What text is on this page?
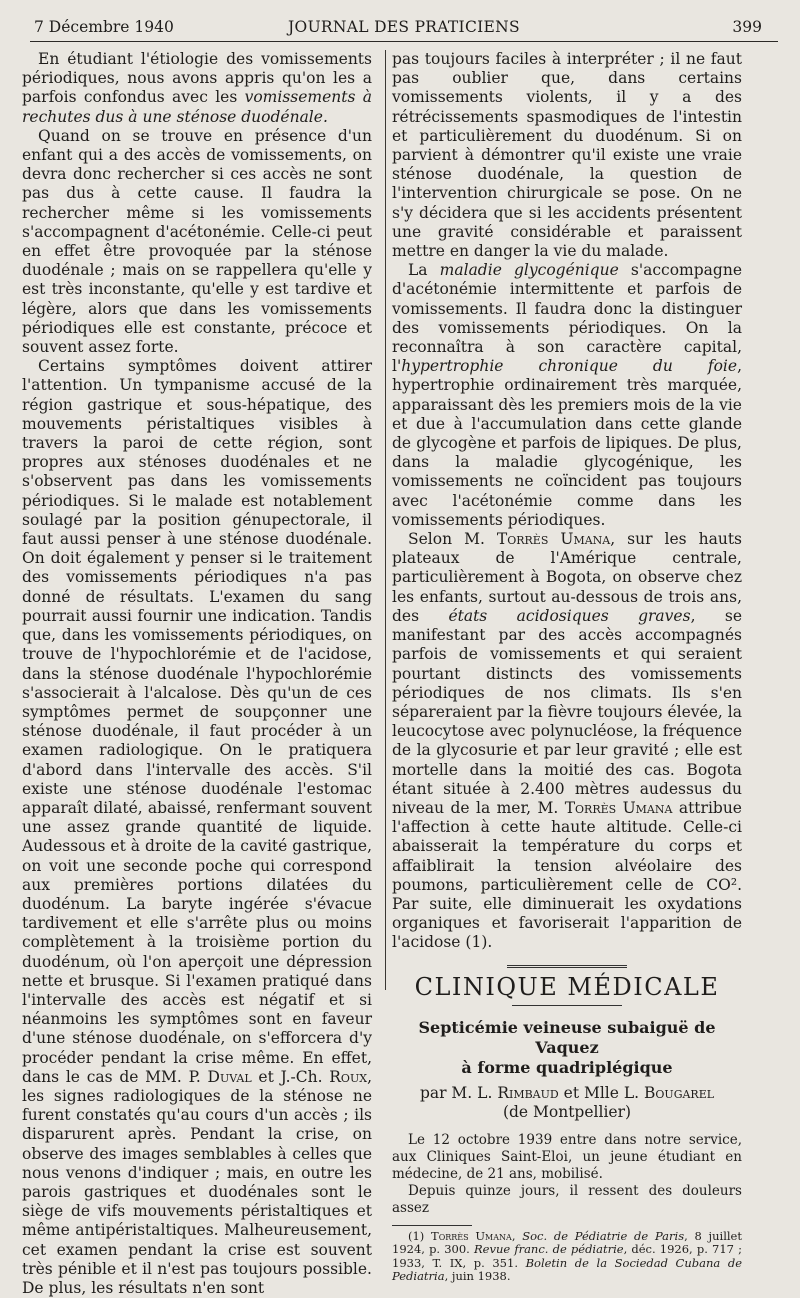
7 Décembre 1940	JOURNAL DES PRATICIENS	399

En étudiant l'étiologie des vomissements périodiques, nous avons appris qu'on les a parfois confondus avec les vomissements à rechutes dus à une sténose duodénale.

Quand on se trouve en présence d'un enfant qui a des accès de vomissements, on devra donc rechercher si ces accès ne sont pas dus à cette cause. Il faudra la rechercher même si les vomissements s'accompagnent d'acétonémie. Celle-ci peut en effet être provoquée par la sténose duodénale ; mais on se rappellera qu'elle y est très inconstante, qu'elle y est tardive et légère, alors que dans les vomissements périodiques elle est constante, précoce et souvent assez forte.

Certains symptômes doivent attirer l'attention. Un tympanisme accusé de la région gastrique et sous-hépatique, des mouvements péristaltiques visibles à travers la paroi de cette région, sont propres aux sténoses duodénales et ne s'observent pas dans les vomissements périodiques. Si le malade est notablement soulagé par la position génupectorale, il faut aussi penser à une sténose duodénale. On doit également y penser si le traitement des vomissements périodiques n'a pas donné de résultats. L'examen du sang pourrait aussi fournir une indication. Tandis que, dans les vomissements périodiques, on trouve de l'hypochlorémie et de l'acidose, dans la sténose duodénale l'hypochlorémie s'associerait à l'alcalose. Dès qu'un de ces symptômes permet de soupçonner une sténose duodénale, il faut procéder à un examen radiologique. On le pratiquera d'abord dans l'intervalle des accès. S'il existe une sténose duodénale l'estomac apparaît dilaté, abaissé, renfermant souvent une assez grande quantité de liquide. Audessous et à droite de la cavité gastrique, on voit une seconde poche qui correspond aux premières portions dilatées du duodénum. La baryte ingérée s'évacue tardivement et elle s'arrête plus ou moins complètement à la troisième portion du duodénum, où l'on aperçoit une dépression nette et brusque. Si l'examen pratiqué dans l'intervalle des accès est négatif et si néanmoins les symptômes sont en faveur d'une sténose duodénale, on s'efforcera d'y procéder pendant la crise même. En effet, dans le cas de MM. P. Duval et J.-Ch. Roux, les signes radiologiques de la sténose ne furent constatés qu'au cours d'un accès ; ils disparurent après. Pendant la crise, on observe des images semblables à celles que nous venons d'indiquer ; mais, en outre les parois gastriques et duodénales sont le siège de vifs mouvements péristaltiques et même antipéristaltiques. Malheureusement, cet examen pendant la crise est souvent très pénible et il n'est pas toujours possible. De plus, les résultats n'en sont

pas toujours faciles à interpréter ; il ne faut pas oublier que, dans certains vomissements violents, il y a des rétrécissements spasmodiques de l'intestin et particulièrement du duodénum. Si on parvient à démontrer qu'il existe une vraie sténose duodénale, la question de l'intervention chirurgicale se pose. On ne s'y décidera que si les accidents présentent une gravité considérable et paraissent mettre en danger la vie du malade.

La maladie glycogénique s'accompagne d'acétonémie intermittente et parfois de vomissements. Il faudra donc la distinguer des vomissements périodiques. On la reconnaîtra à son caractère capital, l'hypertrophie chronique du foie, hypertrophie ordinairement très marquée, apparaissant dès les premiers mois de la vie et due à l'accumulation dans cette glande de glycogène et parfois de lipiques. De plus, dans la maladie glycogénique, les vomissements ne coïncident pas toujours avec l'acétonémie comme dans les vomissements périodiques.

Selon M. Torrès Umana, sur les hauts plateaux de l'Amérique centrale, particulièrement à Bogota, on observe chez les enfants, surtout au-dessous de trois ans, des états acidosiques graves, se manifestant par des accès accompagnés parfois de vomissements et qui seraient pourtant distincts des vomissements périodiques de nos climats. Ils s'en sépareraient par la fièvre toujours élevée, la leucocytose avec polynucléose, la fréquence de la glycosurie et par leur gravité ; elle est mortelle dans la moitié des cas. Bogota étant située à 2.400 mètres audessus du niveau de la mer, M. Torrès Umana attribue l'affection à cette haute altitude. Celle-ci abaisserait la température du corps et affaiblirait la tension alvéolaire des poumons, particulièrement celle de CO². Par suite, elle diminuerait les oxydations organiques et favoriserait l'apparition de l'acidose (1).

CLINIQUE MÉDICALE
Septicémie veineuse subaiguë de Vaquez
à forme quadriplégique
par M. L. Rimbaud et Mlle L. Bougarel
(de Montpellier)

Le 12 octobre 1939 entre dans notre service, aux Cliniques Saint-Eloi, un jeune étudiant en médecine, de 21 ans, mobilisé.

Depuis quinze jours, il ressent des douleurs assez

(1) Torrès Umana, Soc. de Pédiatrie de Paris, 8 juillet 1924, p. 300. Revue franc. de pédiatrie, déc. 1926, p. 717 ; 1933, T. IX, p. 351. Boletin de la Sociedad Cubana de Pediatria, juin 1938.
